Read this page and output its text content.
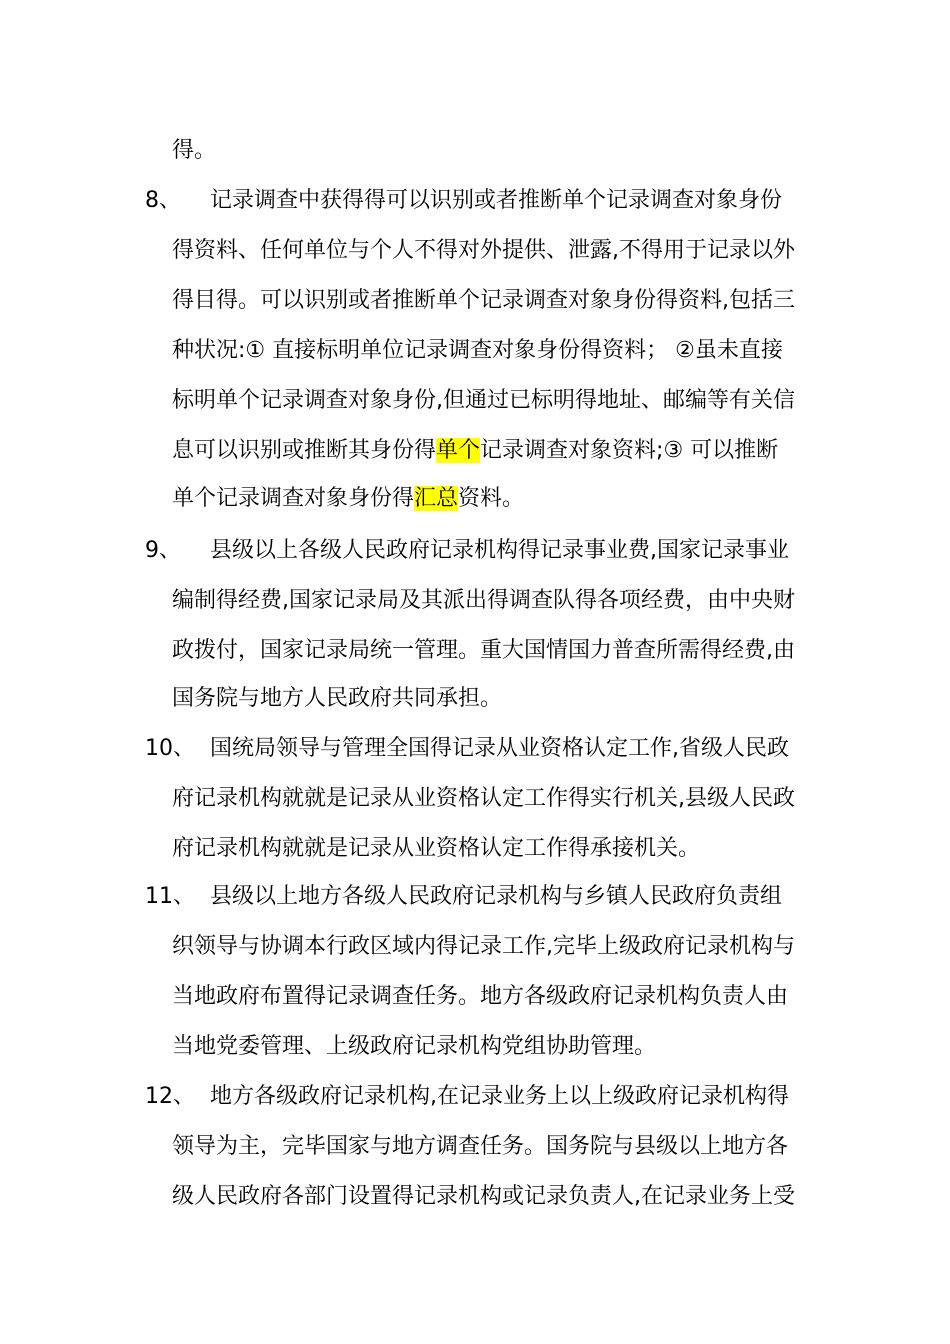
得。
8、 记录调查中获得得可以识别或者推断单个记录调查对象身份
得资料、任何单位与个人不得对外提供、泄露,不得用于记录以外
得目得。可以识别或者推断单个记录调查对象身份得资料,包括三
种状况:① 直接标明单位记录调查对象身份得资料； ②虽未直接
标明单个记录调查对象身份,但通过已标明得地址、邮编等有关信
息可以识别或推断其身份得单个记录调查对象资料;③ 可以推断
单个记录调查对象身份得汇总资料。
9、 县级以上各级人民政府记录机构得记录事业费,国家记录事业
编制得经费,国家记录局及其派出得调查队得各项经费，由中央财
政拨付，国家记录局统一管理。重大国情国力普查所需得经费,由
国务院与地方人民政府共同承担。
10、 国统局领导与管理全国得记录从业资格认定工作,省级人民政
府记录机构就就是记录从业资格认定工作得实行机关,县级人民政
府记录机构就就是记录从业资格认定工作得承接机关。
11、 县级以上地方各级人民政府记录机构与乡镇人民政府负责组
织领导与协调本行政区域内得记录工作,完毕上级政府记录机构与
当地政府布置得记录调查任务。地方各级政府记录机构负责人由
当地党委管理、上级政府记录机构党组协助管理。
12、 地方各级政府记录机构,在记录业务上以上级政府记录机构得
领导为主，完毕国家与地方调查任务。国务院与县级以上地方各
级人民政府各部门设置得记录机构或记录负责人,在记录业务上受
